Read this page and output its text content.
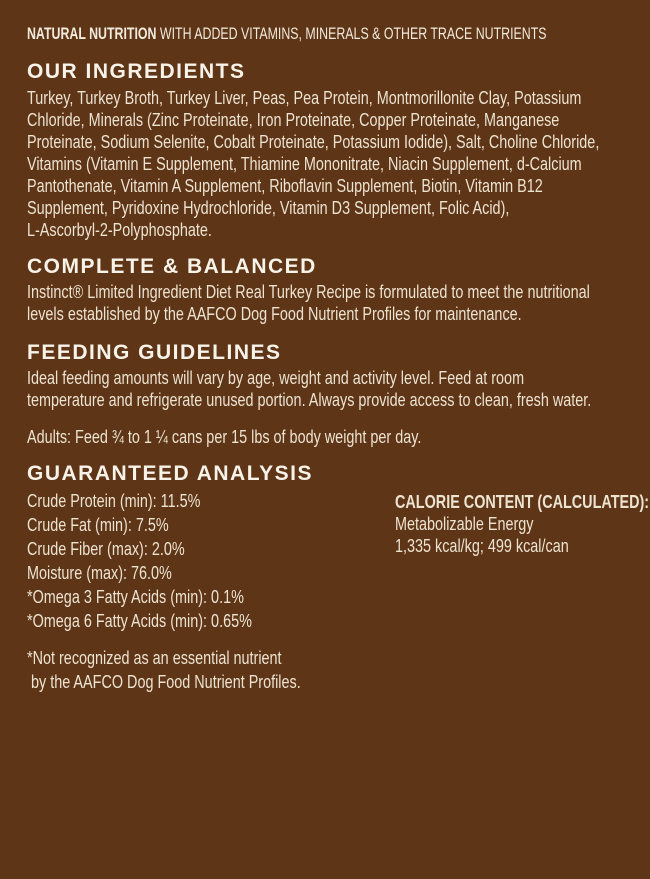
NATURAL NUTRITION WITH ADDED VITAMINS, MINERALS & OTHER TRACE NUTRIENTS
OUR INGREDIENTS
Turkey, Turkey Broth, Turkey Liver, Peas, Pea Protein, Montmorillonite Clay, Potassium
Chloride, Minerals (Zinc Proteinate, Iron Proteinate, Copper Proteinate, Manganese
Proteinate, Sodium Selenite, Cobalt Proteinate, Potassium Iodide), Salt, Choline Chloride,
Vitamins (Vitamin E Supplement, Thiamine Mononitrate, Niacin Supplement, d-Calcium
Pantothenate, Vitamin A Supplement, Riboflavin Supplement, Biotin, Vitamin B12
Supplement, Pyridoxine Hydrochloride, Vitamin D3 Supplement, Folic Acid),
L-Ascorbyl-2-Polyphosphate.
COMPLETE & BALANCED
Instinct® Limited Ingredient Diet Real Turkey Recipe is formulated to meet the nutritional
levels established by the AAFCO Dog Food Nutrient Profiles for maintenance.
FEEDING GUIDELINES
Ideal feeding amounts will vary by age, weight and activity level. Feed at room
temperature and refrigerate unused portion. Always provide access to clean, fresh water.
Adults: Feed ¾ to 1 ¼ cans per 15 lbs of body weight per day.
GUARANTEED ANALYSIS
Crude Protein (min): 11.5%
Crude Fat (min): 7.5%
Crude Fiber (max): 2.0%
Moisture (max): 76.0%
*Omega 3 Fatty Acids (min): 0.1%
*Omega 6 Fatty Acids (min): 0.65%
CALORIE CONTENT (CALCULATED):
Metabolizable Energy
1,335 kcal/kg; 499 kcal/can
*Not recognized as an essential nutrient
by the AAFCO Dog Food Nutrient Profiles.
